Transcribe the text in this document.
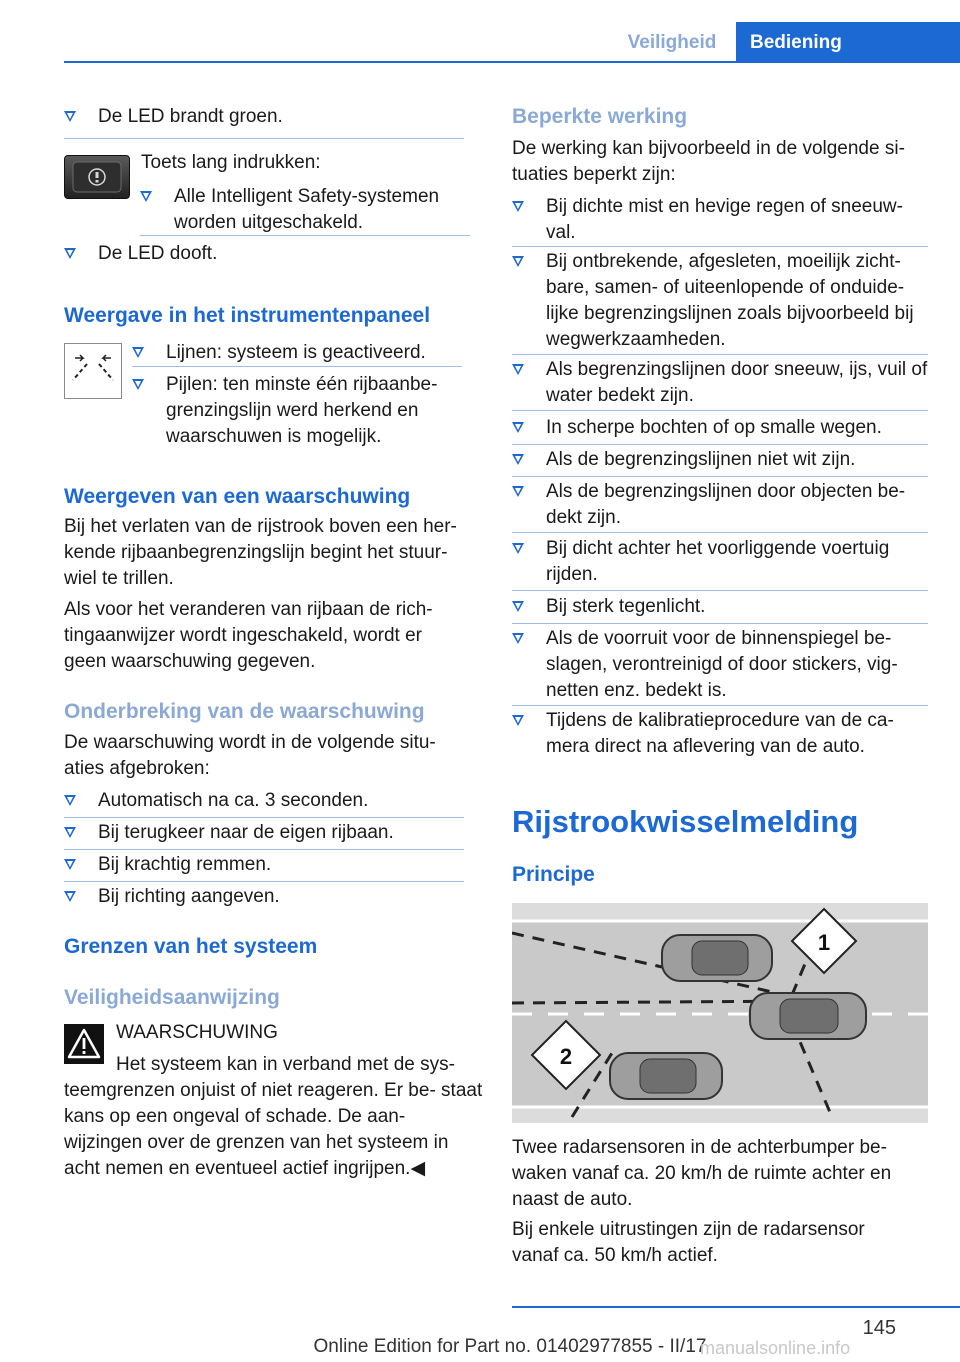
Veiligheid	Bediening
De LED brandt groen.

Toets lang indrukken:

Alle Intelligent Safety-systemen worden uitgeschakeld.
De LED dooft.
Weergave in het instrumentenpaneel
Lijnen: systeem is geactiveerd.
Pijlen: ten minste één rijbaanbe- grenzingslijn werd herkend en waarschuwen is mogelijk.
Weergeven van een waarschuwing

Bij het verlaten van de rijstrook boven een her- kende rijbaanbegrenzingslijn begint het stuur- wiel te trillen.

Als voor het veranderen van rijbaan de rich- tingaanwijzer wordt ingeschakeld, wordt er geen waarschuwing gegeven.

Onderbreking van de waarschuwing

De waarschuwing wordt in de volgende situ- aties afgebroken:

Automatisch na ca. 3 seconden.
Bij terugkeer naar de eigen rijbaan.
Bij krachtig remmen.
Bij richting aangeven.
Grenzen van het systeem
Veiligheidsaanwijzing

WAARSCHUWING

Het systeem kan in verband met de sys- teemgrenzen onjuist of niet reageren. Er be- staat kans op een ongeval of schade. De aan- wijzingen over de grenzen van het systeem in acht nemen en eventueel actief ingrijpen.◀

Beperkte werking

De werking kan bijvoorbeeld in de volgende si- tuaties beperkt zijn:

Bij dichte mist en hevige regen of sneeuw- val.
Bij ontbrekende, afgesleten, moeilijk zicht- bare, samen- of uiteenlopende of onduide- lijke begrenzingslijnen zoals bijvoorbeeld bij wegwerkzaamheden.
Als begrenzingslijnen door sneeuw, ijs, vuil of water bedekt zijn.
In scherpe bochten of op smalle wegen.
Als de begrenzingslijnen niet wit zijn.
Als de begrenzingslijnen door objecten be- dekt zijn.
Bij dicht achter het voorliggende voertuig rijden.
Bij sterk tegenlicht.
Als de voorruit voor de binnenspiegel be- slagen, verontreinigd of door stickers, vig- netten enz. bedekt is.
Tijdens de kalibratieprocedure van de ca- mera direct na aflevering van de auto.
Rijstrookwisselmelding
Principe
1
2

Twee radarsensoren in de achterbumper be- waken vanaf ca. 20 km/h de ruimte achter en naast de auto.

Bij enkele uitrustingen zijn de radarsensor vanaf ca. 50 km/h actief.

145
Online Edition for Part no. 01402977855 - II/17
manualsonline.info
